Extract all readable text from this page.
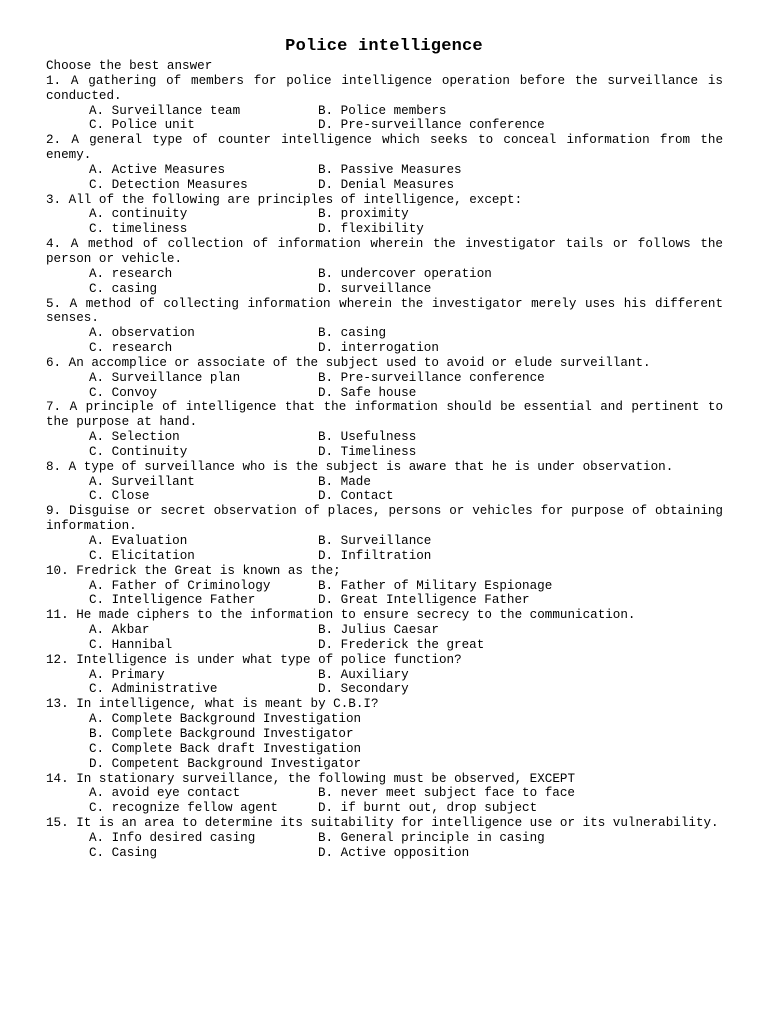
Police intelligence
Choose the best answer
1. A gathering of members for police intelligence operation before the surveillance is conducted.
A. Surveillance team	B. Police members
C. Police unit	D. Pre-surveillance conference
2. A general type of counter intelligence which seeks to conceal information from the enemy.
A. Active Measures	B. Passive Measures
C. Detection Measures	D. Denial Measures
3. All of the following are principles of intelligence, except:
A. continuity	B. proximity
C. timeliness	D. flexibility
4. A method of collection of information wherein the investigator tails or follows the person or vehicle.
A. research	B. undercover operation
C. casing	D. surveillance
5. A method of collecting information wherein the investigator merely uses his different senses.
A. observation	B. casing
C. research	D. interrogation
6. An accomplice or associate of the subject used to avoid or elude surveillant.
A. Surveillance plan	B. Pre-surveillance conference
C. Convoy	D. Safe house
7. A principle of intelligence that the information should be essential and pertinent to the purpose at hand.
A. Selection	B. Usefulness
C. Continuity	D. Timeliness
8. A type of surveillance who is the subject is aware that he is under observation.
A. Surveillant	B. Made
C. Close	D. Contact
9. Disguise or secret observation of places, persons or vehicles for purpose of obtaining information.
A. Evaluation	B. Surveillance
C. Elicitation	D. Infiltration
10. Fredrick the Great is known as the;
A. Father of Criminology	B. Father of Military Espionage
C. Intelligence Father	D. Great Intelligence Father
11. He made ciphers to the information to ensure secrecy to the communication.
A. Akbar	B. Julius Caesar
C. Hannibal	D. Frederick the great
12. Intelligence is under what type of police function?
A. Primary	B. Auxiliary
C. Administrative	D. Secondary
13. In intelligence, what is meant by C.B.I?
A. Complete Background Investigation
B. Complete Background Investigator
C. Complete Back draft Investigation
D. Competent Background Investigator
14. In stationary surveillance, the following must be observed, EXCEPT
A. avoid eye contact	B. never meet subject face to face
C. recognize fellow agent	D. if burnt out, drop subject
15. It is an area to determine its suitability for intelligence use or its vulnerability.
A. Info desired casing	B. General principle in casing
C. Casing	D. Active opposition
